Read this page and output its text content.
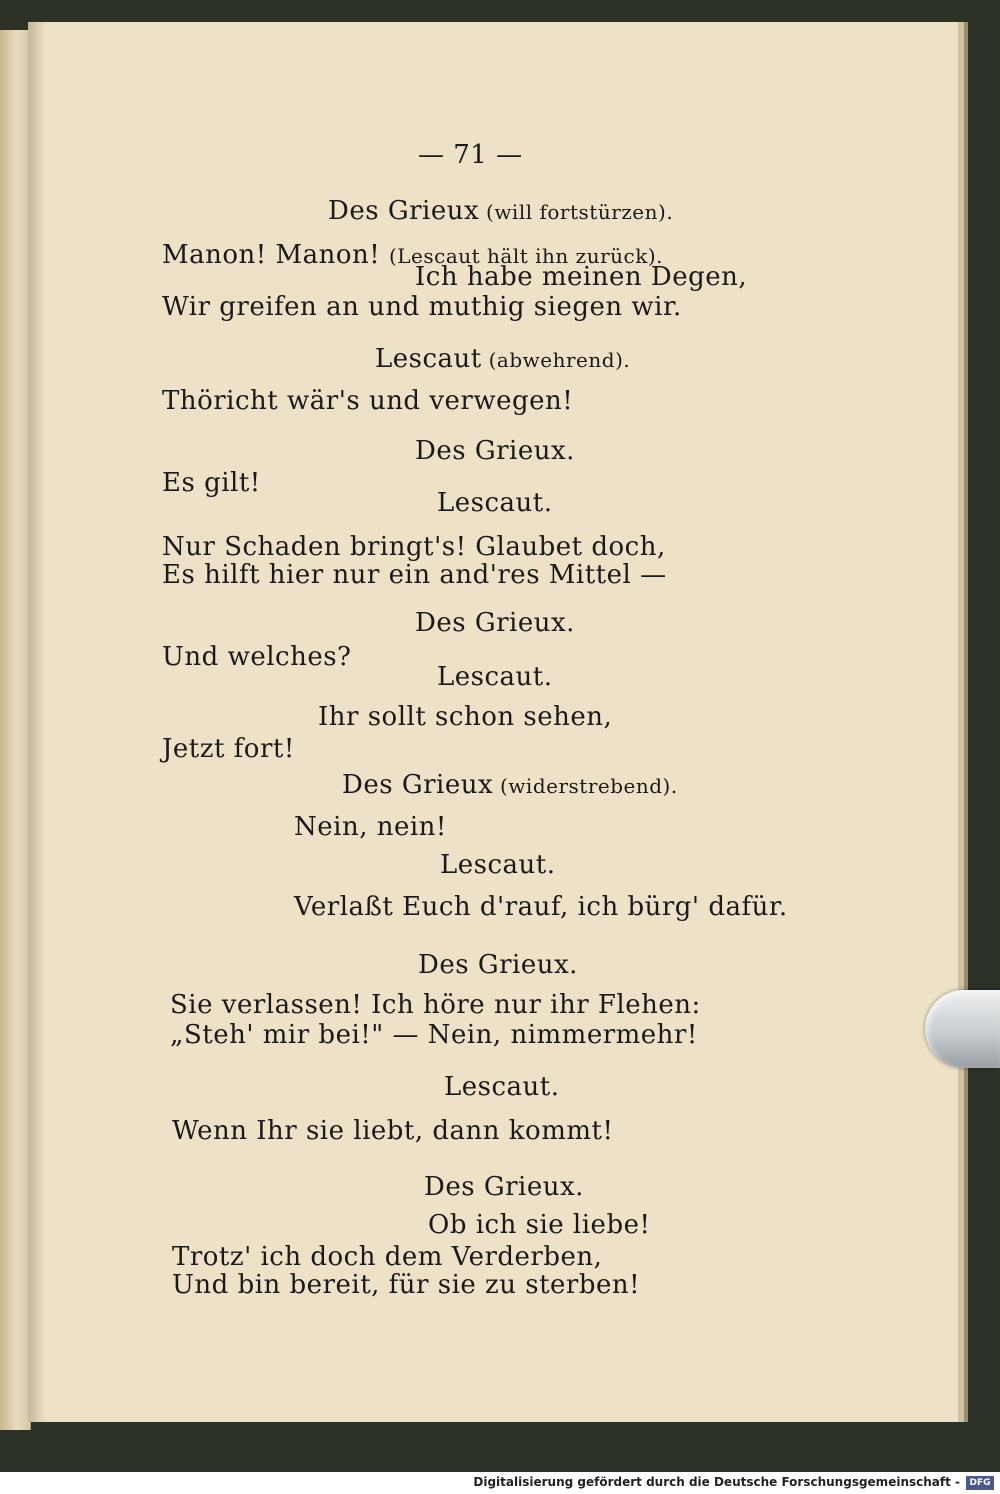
— 71 —
Des Grieux (will fortstürzen).
Manon! Manon! (Lescaut hält ihn zurück).
Ich habe meinen Degen,
Wir greifen an und muthig siegen wir.
Lescaut (abwehrend).
Thöricht wär's und verwegen!
Des Grieux.
Es gilt!
Lescaut.
Nur Schaden bringt's! Glaubet doch,
Es hilft hier nur ein and'res Mittel —
Des Grieux.
Und welches?
Lescaut.
Ihr sollt schon sehen,
Jetzt fort!
Des Grieux (widerstrebend).
Nein, nein!
Lescaut.
Verlaßt Euch d'rauf, ich bürg' dafür.
Des Grieux.
Sie verlassen! Ich höre nur ihr Flehen:
„Steh' mir bei!" — Nein, nimmermehr!
Lescaut.
Wenn Ihr sie liebt, dann kommt!
Des Grieux.
Ob ich sie liebe!
Trotz' ich doch dem Verderben,
Und bin bereit, für sie zu sterben!
Digitalisierung gefördert durch die Deutsche Forschungsgemeinschaft -	DFG
